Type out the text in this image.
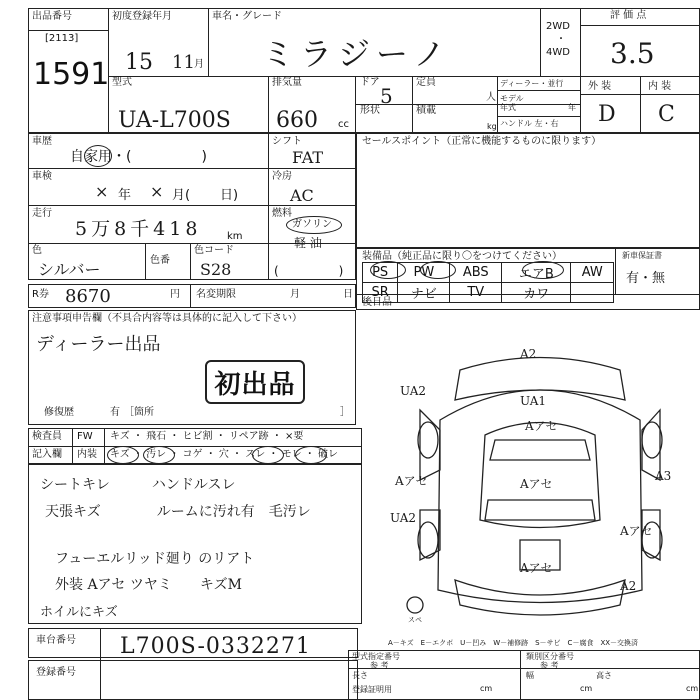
出品番号
[2113]
1591
初度登録年月
15 11 月
車名・グレード
ミラジーノ
2WD
・
4WD
評 価 点
3.5
型式
UA-L700S
排気量
660 cc
ドア
5
形状
定員
人
積載
kg
ディーラー・並行
モデル
年式	年
ハンドル 左・右
外 装	内 装
D C
車歴
自家用・(　　　　　)
シフト
FAT
セールスポイント（正常に機能するものに限ります）
車検
× 年 × 月( 日)
冷房
AC
走行
5万8千418	km
燃料
ガソリン
軽 油
色
シルバー	色番
色コード
S28	(　　　　　)
装備品（純正品に限り〇をつけてください）	新車保証書
有・無
PS	PW	ABS	エアB	AW
SR	ナビ	TV	カワ	
R券 8670	円 名変期限	月	日
後日品
注意事項申告欄（不具合内容等は具体的に記入して下さい）
ディーラー出品
初出品
修復歴	有 ［箇所	］
検査員
記入欄
FW
内装
キズ ・ 飛石 ・ ヒビ割 ・ リペア跡 ・ ×要
キズ ・ 汚レ ・ コゲ ・ 穴 ・ スレ ・ モレ ・ 破レ
シートキレ　　　ハンドルスレ
天張キズ　　　　ルームに汚れ有　毛汚レ
フューエルリッド廻り のリアト
外装 Aアセ ツヤミ　　キズM
ホイルにキズ
A2
UA2
UA1
Aアセ
Aアセ	Aアセ
A3
UA2
Aアセ
A2
Aアセ
スペ
A－キズ　E－エクボ　U－凹み　W－補修跡　S－サビ　C－腐食　XX－交換済
車台番号 L700S-0332271
登録番号
型式指定番号
参 考
類別区分番号
参 考
長さ
cm
幅
cm
高さ
cm
登録証明用
